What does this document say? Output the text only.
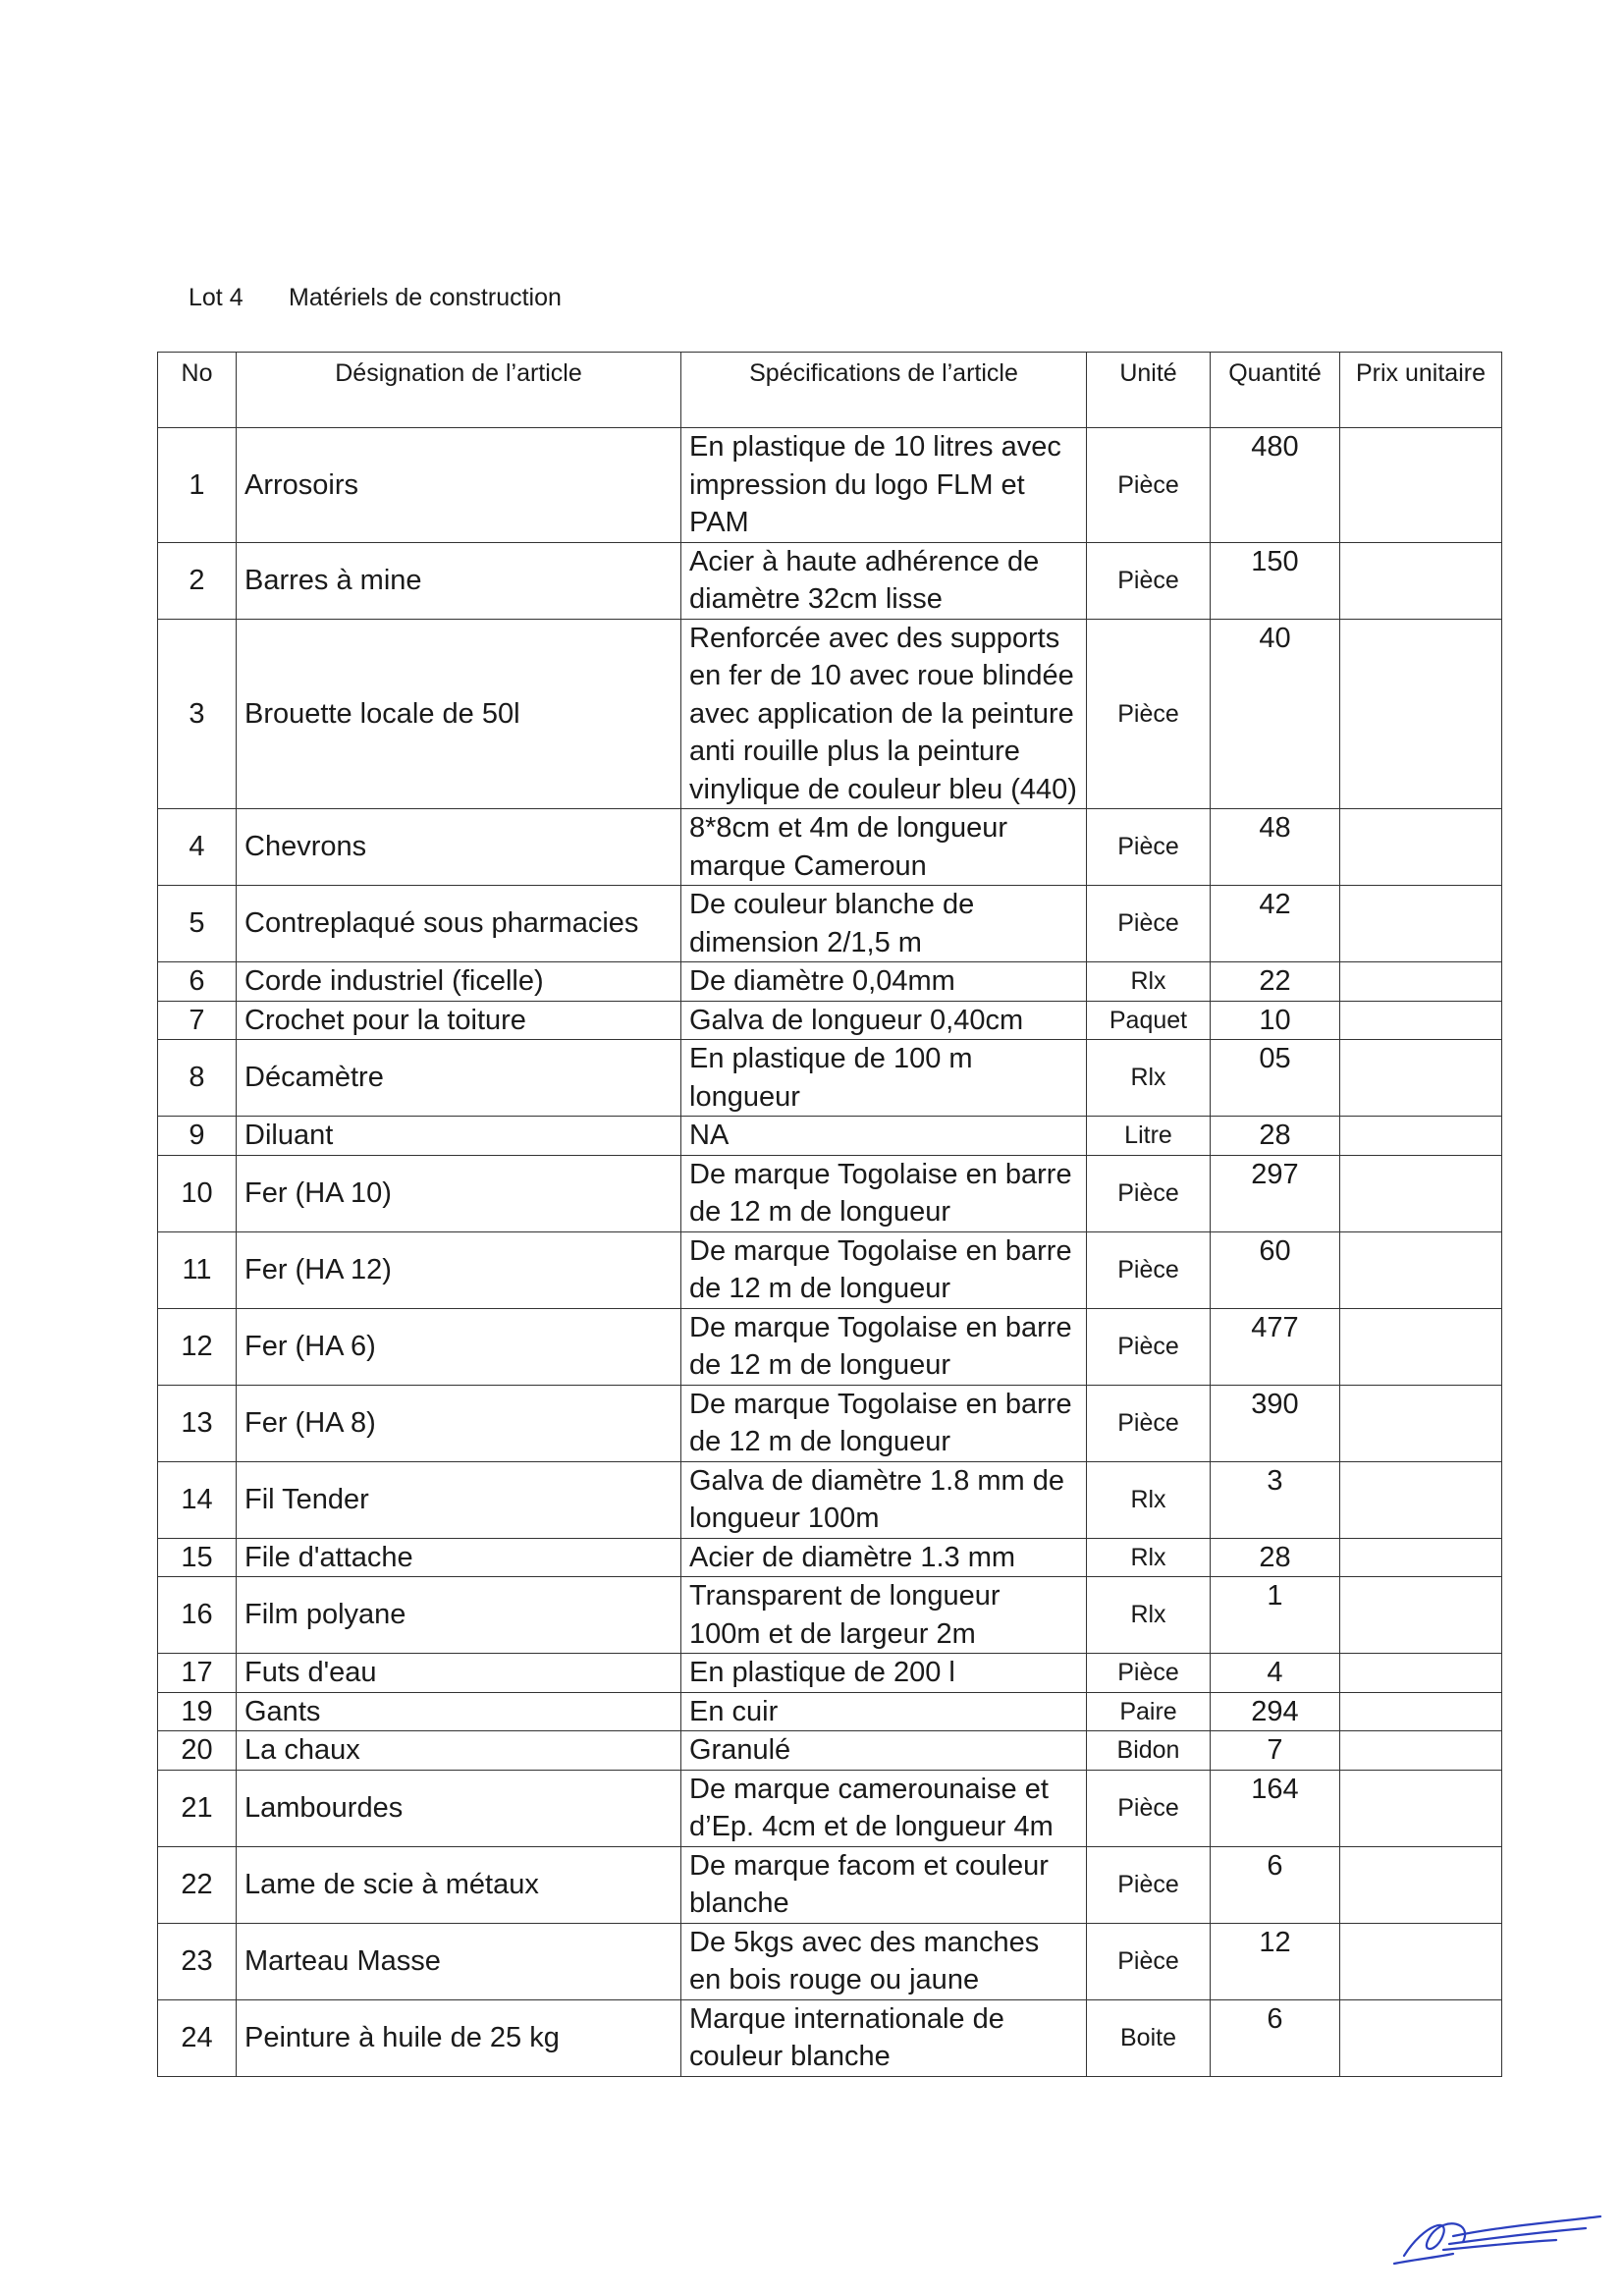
Lot 4 Matériels de construction
No	Désignation de l’article	Spécifications de l’article	Unité	Quantité	Prix unitaire
1	Arrosoirs	En plastique de 10 litres avec impression du logo FLM et PAM	Pièce	480	
2	Barres à mine	Acier à haute adhérence de diamètre 32cm lisse	Pièce	150	
3	Brouette locale de 50l	Renforcée avec des supports en fer de 10 avec roue blindée avec application de la peinture anti rouille plus la peinture vinylique de couleur bleu (440)	Pièce	40	
4	Chevrons	8*8cm et 4m de longueur marque Cameroun	Pièce	48	
5	Contreplaqué sous pharmacies	De couleur blanche de dimension 2/1,5 m	Pièce	42	
6	Corde industriel (ficelle)	De diamètre 0,04mm	Rlx	22	
7	Crochet pour la toiture	Galva de longueur 0,40cm	Paquet	10	
8	Décamètre	En plastique de 100 m longueur	Rlx	05	
9	Diluant	NA	Litre	28	
10	Fer (HA 10)	De marque Togolaise en barre de 12 m de longueur	Pièce	297	
11	Fer (HA 12)	De marque Togolaise en barre de 12 m de longueur	Pièce	60	
12	Fer (HA 6)	De marque Togolaise en barre de 12 m de longueur	Pièce	477	
13	Fer (HA 8)	De marque Togolaise en barre de 12 m de longueur	Pièce	390	
14	Fil Tender	Galva de diamètre 1.8 mm de longueur 100m	Rlx	3	
15	File d'attache	Acier de diamètre 1.3 mm	Rlx	28	
16	Film polyane	Transparent de longueur 100m et de largeur 2m	Rlx	1	
17	Futs d'eau	En plastique de 200 l	Pièce	4	
19	Gants	En cuir	Paire	294	
20	La chaux	Granulé	Bidon	7	
21	Lambourdes	De marque camerounaise et d’Ep. 4cm et de longueur 4m	Pièce	164	
22	Lame de scie à métaux	De marque facom et couleur blanche	Pièce	6	
23	Marteau Masse	De 5kgs avec des manches en bois rouge ou jaune	Pièce	12	
24	Peinture à huile de 25 kg	Marque internationale de couleur blanche	Boite	6	
